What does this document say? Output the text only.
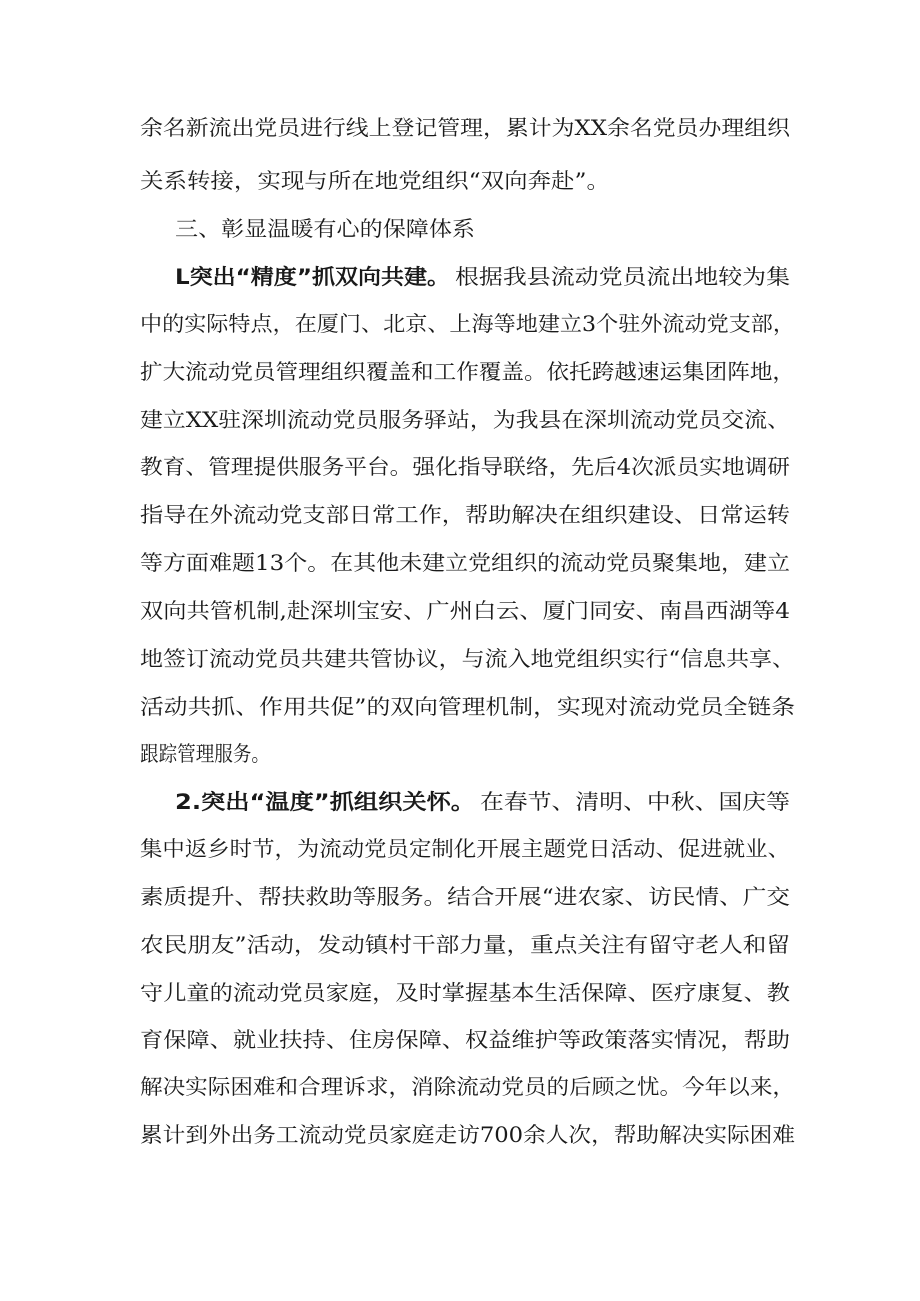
余名新流出党员进行线上登记管理，累计为XX余名党员办理组织
关系转接，实现与所在地党组织“双向奔赴”。
三、彰显温暖有心的保障体系
L突出“精度”抓双向共建。 根据我县流动党员流出地较为集
中的实际特点，在厦门、北京、上海等地建立3个驻外流动党支部，
扩大流动党员管理组织覆盖和工作覆盖。依托跨越速运集团阵地，
建立XX驻深圳流动党员服务驿站，为我县在深圳流动党员交流、
教育、管理提供服务平台。强化指导联络，先后4次派员实地调研
指导在外流动党支部日常工作，帮助解决在组织建设、日常运转
等方面难题13个。在其他未建立党组织的流动党员聚集地，建立
双向共管机制,赴深圳宝安、广州白云、厦门同安、南昌西湖等4
地签订流动党员共建共管协议，与流入地党组织实行“信息共享、
活动共抓、作用共促”的双向管理机制，实现对流动党员全链条
跟踪管理服务。
2.突出“温度”抓组织关怀。 在春节、清明、中秋、国庆等
集中返乡时节，为流动党员定制化开展主题党日活动、促进就业、
素质提升、帮扶救助等服务。结合开展“进农家、访民情、广交
农民朋友”活动，发动镇村干部力量，重点关注有留守老人和留
守儿童的流动党员家庭，及时掌握基本生活保障、医疗康复、教
育保障、就业扶持、住房保障、权益维护等政策落实情况，帮助
解决实际困难和合理诉求，消除流动党员的后顾之忧。今年以来，
累计到外出务工流动党员家庭走访700余人次，帮助解决实际困难
